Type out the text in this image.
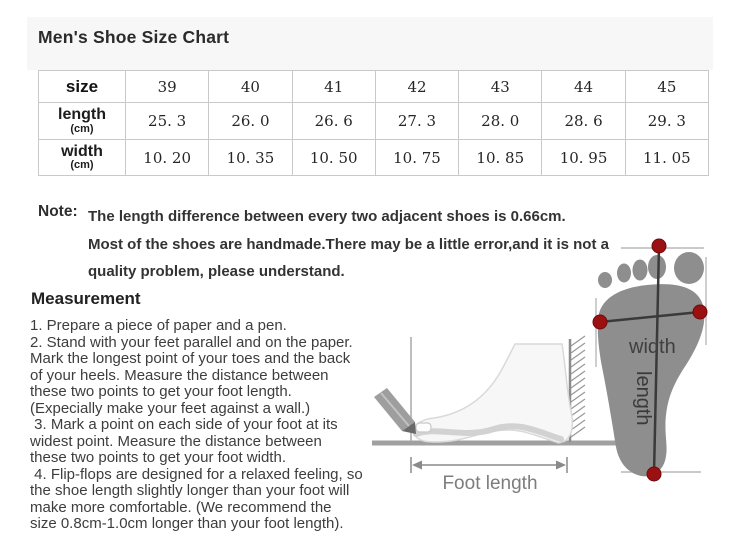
Men's Shoe Size Chart
size	39	40	41	42	43	44	45

length
(cm)	25. 3	26. 0	26. 6	27. 3	28. 0	28. 6	29. 3

width
(cm)	10. 20	10. 35	10. 50	10. 75	10. 85	10. 95	11. 05
Note: The length difference between every two adjacent shoes is 0.66cm.
Most of the shoes are handmade.There may be a little error,and it is not a
quality problem, please understand.
Measurement
1. Prepare a piece of paper and a pen.
2. Stand with your feet parallel and on the paper.
Mark the longest point of your toes and the back
of your heels. Measure the distance between
these two points to get your foot length.
(Expecially make your feet against a wall.)
3. Mark a point on each side of your foot at its
widest point. Measure the distance between
these two points to get your foot width.
4. Flip-flops are designed for a relaxed feeling, so
the shoe length slightly longer than your foot will
make more comfortable. (We recommend the
size 0.8cm-1.0cm longer than your foot length).
Foot length
width
length
